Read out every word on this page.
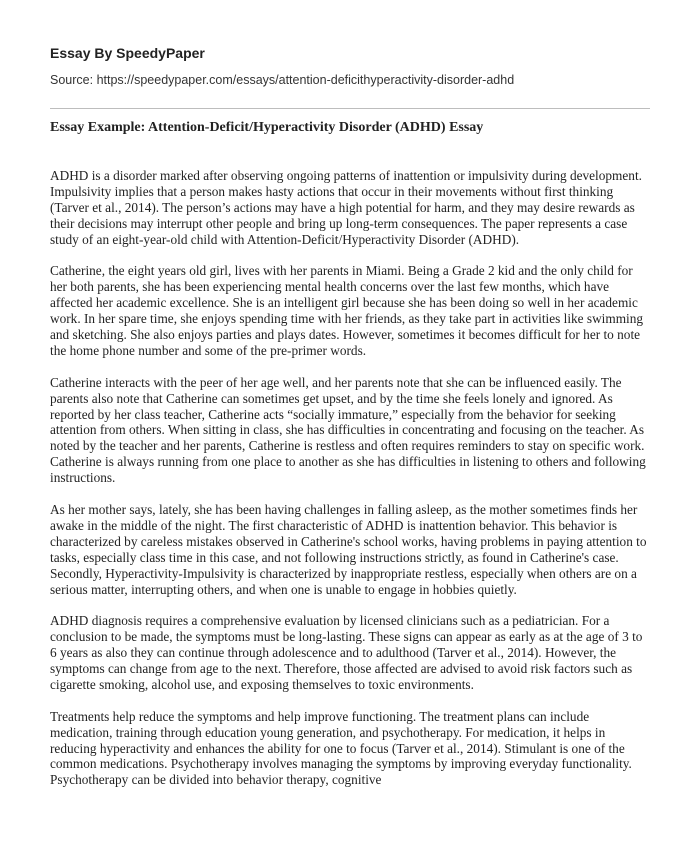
Essay By SpeedyPaper

Source: https://speedypaper.com/essays/attention-deficithyperactivity-disorder-adhd

Essay Example: Attention-Deficit/Hyperactivity Disorder (ADHD) Essay

ADHD is a disorder marked after observing ongoing patterns of inattention or impulsivity during development. Impulsivity implies that a person makes hasty actions that occur in their movements without first thinking (Tarver et al., 2014). The person’s actions may have a high potential for harm, and they may desire rewards as their decisions may interrupt other people and bring up long-term consequences. The paper represents a case study of an eight-year-old child with Attention-Deficit/Hyperactivity Disorder (ADHD).

Catherine, the eight years old girl, lives with her parents in Miami. Being a Grade 2 kid and the only child for her both parents, she has been experiencing mental health concerns over the last few months, which have affected her academic excellence. She is an intelligent girl because she has been doing so well in her academic work. In her spare time, she enjoys spending time with her friends, as they take part in activities like swimming and sketching. She also enjoys parties and plays dates. However, sometimes it becomes difficult for her to note the home phone number and some of the pre-primer words.

Catherine interacts with the peer of her age well, and her parents note that she can be influenced easily. The parents also note that Catherine can sometimes get upset, and by the time she feels lonely and ignored. As reported by her class teacher, Catherine acts “socially immature,” especially from the behavior for seeking attention from others. When sitting in class, she has difficulties in concentrating and focusing on the teacher. As noted by the teacher and her parents, Catherine is restless and often requires reminders to stay on specific work. Catherine is always running from one place to another as she has difficulties in listening to others and following instructions.

As her mother says, lately, she has been having challenges in falling asleep, as the mother sometimes finds her awake in the middle of the night. The first characteristic of ADHD is inattention behavior. This behavior is characterized by careless mistakes observed in Catherine's school works, having problems in paying attention to tasks, especially class time in this case, and not following instructions strictly, as found in Catherine's case. Secondly, Hyperactivity-Impulsivity is characterized by inappropriate restless, especially when others are on a serious matter, interrupting others, and when one is unable to engage in hobbies quietly.

ADHD diagnosis requires a comprehensive evaluation by licensed clinicians such as a pediatrician. For a conclusion to be made, the symptoms must be long-lasting. These signs can appear as early as at the age of 3 to 6 years as also they can continue through adolescence and to adulthood (Tarver et al., 2014). However, the symptoms can change from age to the next. Therefore, those affected are advised to avoid risk factors such as cigarette smoking, alcohol use, and exposing themselves to toxic environments.

Treatments help reduce the symptoms and help improve functioning. The treatment plans can include medication, training through education young generation, and psychotherapy. For medication, it helps in reducing hyperactivity and enhances the ability for one to focus (Tarver et al., 2014). Stimulant is one of the common medications. Psychotherapy involves managing the symptoms by improving everyday functionality. Psychotherapy can be divided into behavior therapy, cognitive
